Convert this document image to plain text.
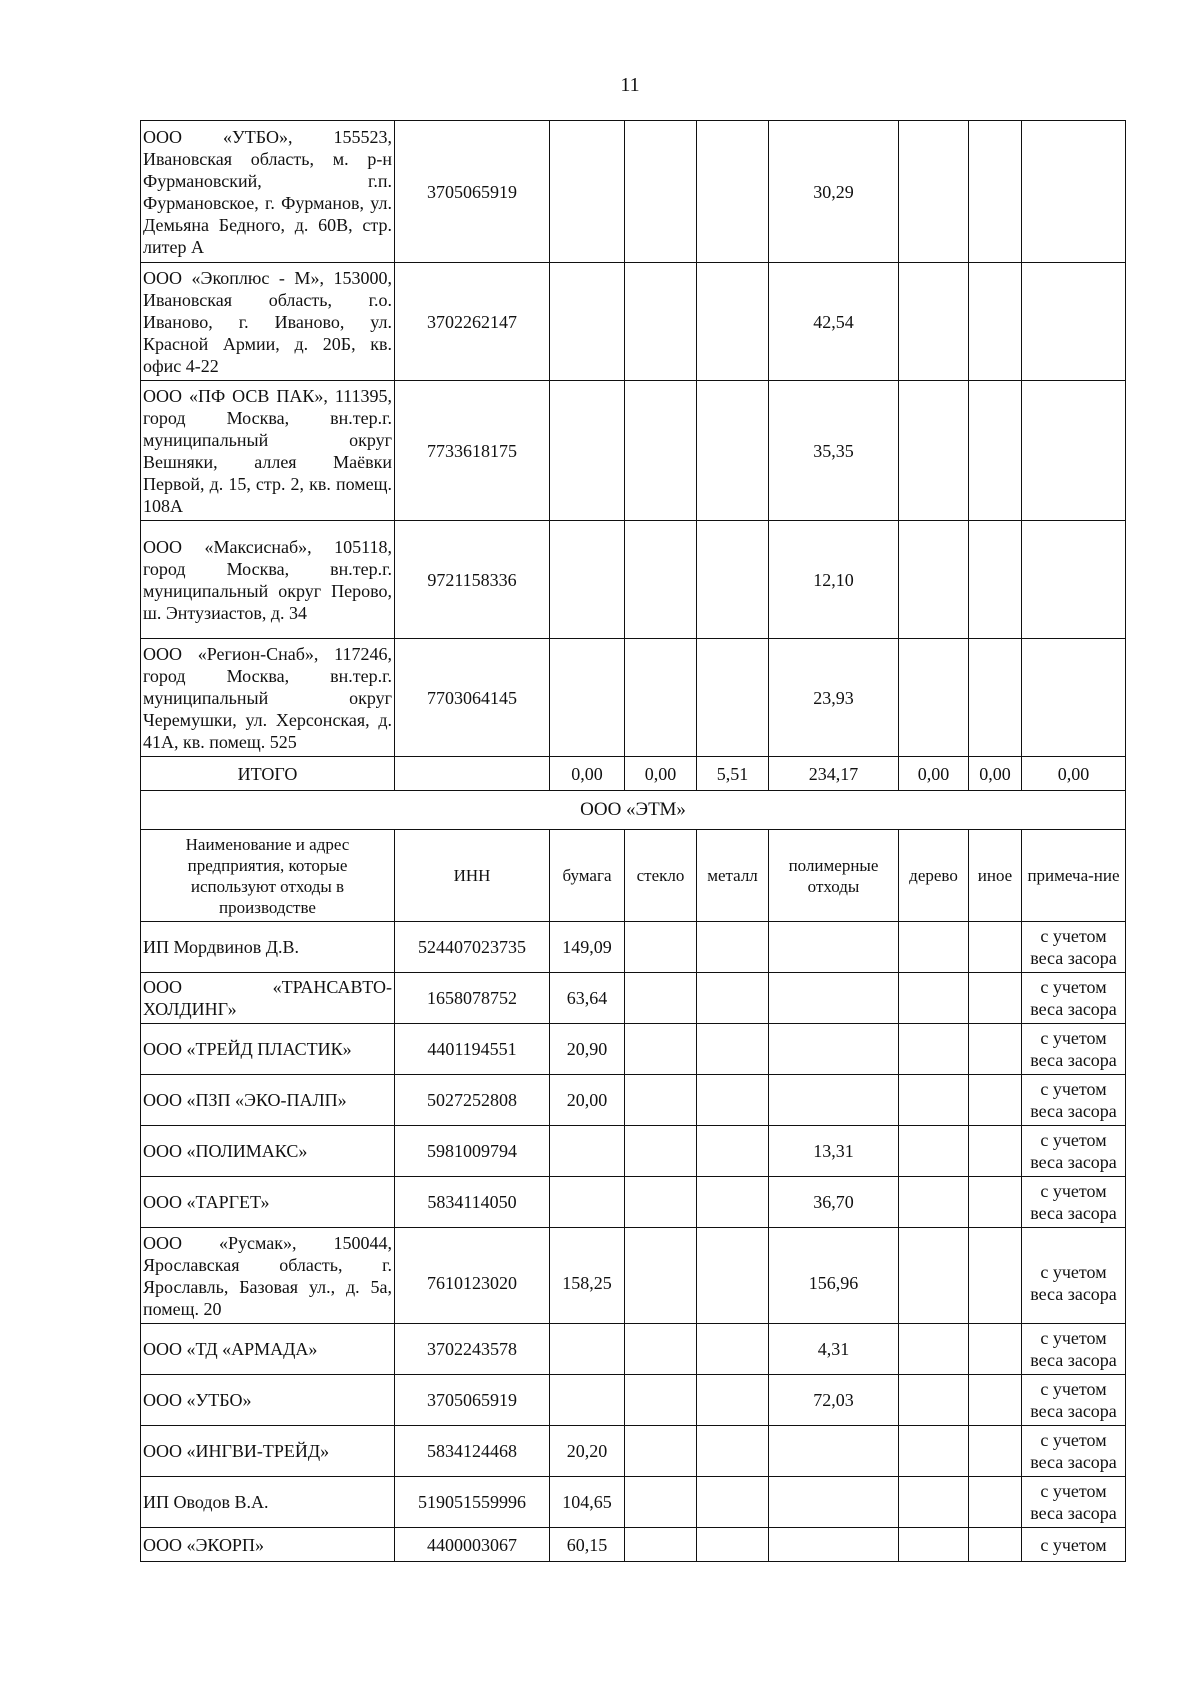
11
ООО «УТБО», 155523, Ивановская область, м. р-н Фурмановский, г.п. Фурмановское, г. Фурманов, ул. Демьяна Бедного, д. 60В, стр. литер А	3705065919				30,29			
ООО «Экоплюс - М», 153000, Ивановская область, г.о. Иваново, г. Иваново, ул. Красной Армии, д. 20Б, кв. офис 4-22	3702262147				42,54			
ООО «ПФ ОСВ ПАК», 111395, город Москва, вн.тер.г. муниципальный округ Вешняки, аллея Маёвки Первой, д. 15, стр. 2, кв. помещ. 108А	7733618175				35,35			
ООО «Максиснаб», 105118, город Москва, вн.тер.г. муниципальный округ Перово, ш. Энтузиастов, д. 34	9721158336				12,10			
ООО «Регион-Снаб», 117246, город Москва, вн.тер.г. муниципальный округ Черемушки, ул. Херсонская, д. 41А, кв. помещ. 525	7703064145				23,93			
ИТОГО		0,00	0,00	5,51	234,17	0,00	0,00	0,00
ООО «ЭТМ»								
Наименование и адрес предприятия, которые используют отходы в производстве	ИНН	бумага	стекло	металл	полимерные отходы	дерево	иное	примеча-ние
ИП Мордвинов Д.В.	524407023735	149,09						с учетом веса засора
ООО «ТРАНСАВТО-ХОЛДИНГ»	1658078752	63,64						с учетом веса засора
ООО «ТРЕЙД ПЛАСТИК»	4401194551	20,90						с учетом веса засора
ООО «ПЗП «ЭКО-ПАЛП»	5027252808	20,00						с учетом веса засора
ООО «ПОЛИМАКС»	5981009794				13,31			с учетом веса засора
ООО «ТАРГЕТ»	5834114050				36,70			с учетом веса засора
ООО «Русмак», 150044, Ярославская область, г. Ярославль, Базовая ул., д. 5а, помещ. 20	7610123020	158,25			156,96			с учетом веса засора
ООО «ТД «АРМАДА»	3702243578				4,31			с учетом веса засора
ООО «УТБО»	3705065919				72,03			с учетом веса засора
ООО «ИНГВИ-ТРЕЙД»	5834124468	20,20						с учетом веса засора
ИП Оводов В.А.	519051559996	104,65						с учетом веса засора
ООО «ЭКОРП»	4400003067	60,15						с учетом
